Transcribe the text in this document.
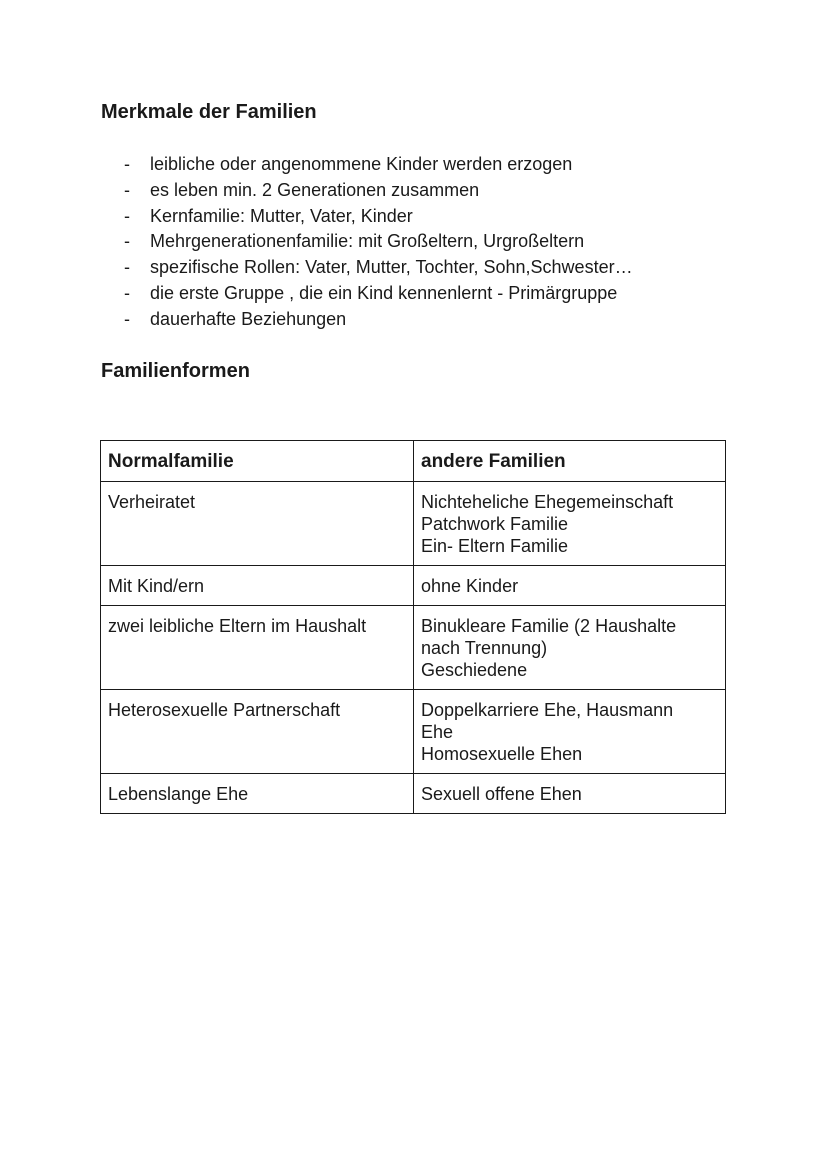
Merkmale der Familien
- leibliche oder angenommene Kinder werden erzogen
- es leben min. 2 Generationen zusammen
- Kernfamilie: Mutter, Vater, Kinder
- Mehrgenerationenfamilie: mit Großeltern, Urgroßeltern
- spezifische Rollen: Vater, Mutter, Tochter, Sohn,Schwester…
- die erste Gruppe , die ein Kind kennenlernt - Primärgruppe
- dauerhafte Beziehungen
Familienformen
Normalfamilie	andere Familien

Verheiratet	Nichteheliche Ehegemeinschaft
Patchwork Familie
Ein- Eltern Familie

Mit Kind/ern	ohne Kinder

zwei leibliche Eltern im Haushalt	Binukleare Familie (2 Haushalte
nach Trennung)
Geschiedene

Heterosexuelle Partnerschaft	Doppelkarriere Ehe, Hausmann
Ehe
Homosexuelle Ehen

Lebenslange Ehe	Sexuell offene Ehen
